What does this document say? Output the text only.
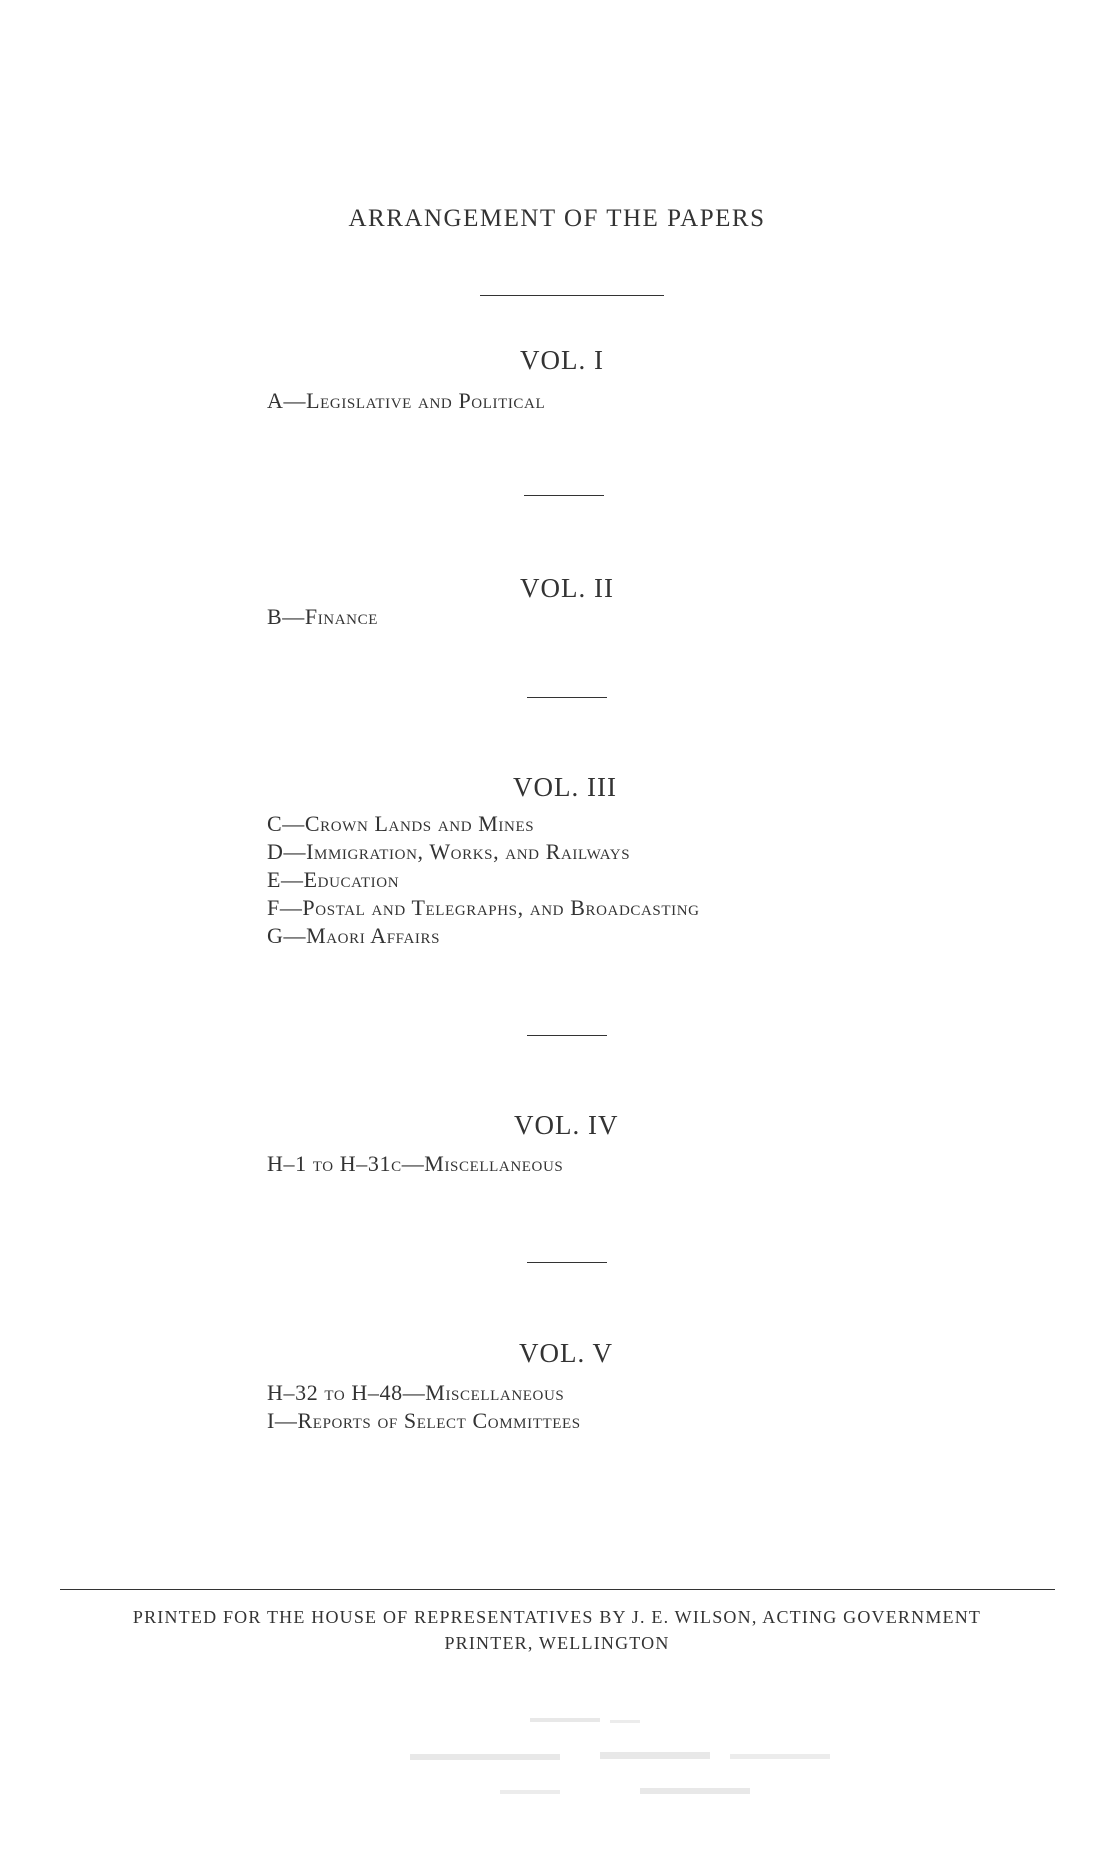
ARRANGEMENT OF THE PAPERS
VOL. I
A—Legislative and Political
VOL. II
B—Finance
VOL. III
C—Crown Lands and Mines
D—Immigration, Works, and Railways
E—Education
F—Postal and Telegraphs, and Broadcasting
G—Maori Affairs
VOL. IV
H–1 to H–31c—Miscellaneous
VOL. V
H–32 to H–48—Miscellaneous
I—Reports of Select Committees
PRINTED FOR THE HOUSE OF REPRESENTATIVES BY J. E. WILSON, ACTING GOVERNMENT
PRINTER, WELLINGTON
